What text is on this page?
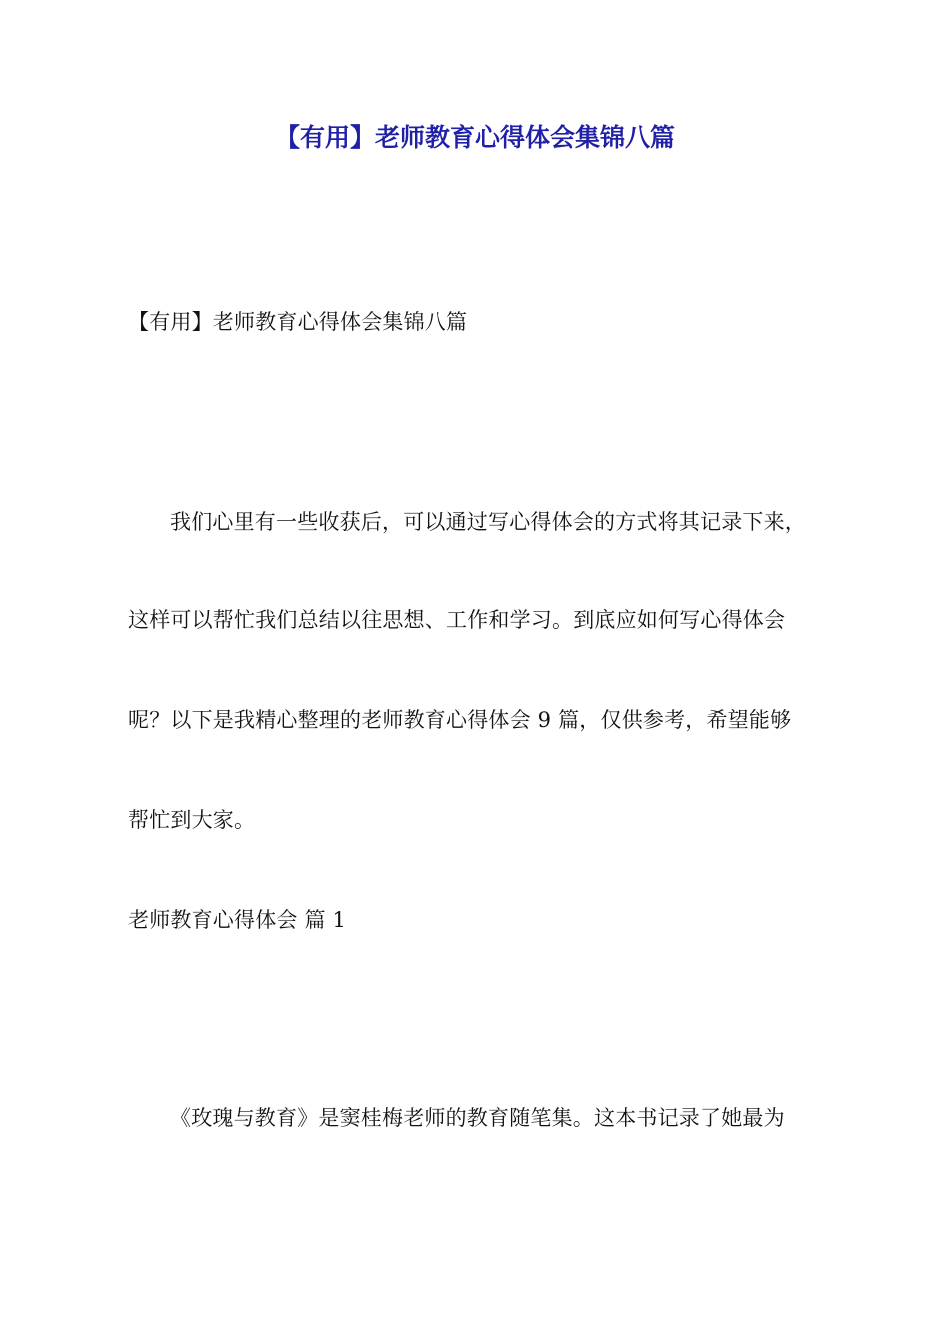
【有用】老师教育心得体会集锦八篇
【有用】老师教育心得体会集锦八篇
我们心里有一些收获后，可以通过写心得体会的方式将其记录下来，
这样可以帮忙我们总结以往思想、工作和学习。到底应如何写心得体会
呢？以下是我精心整理的老师教育心得体会 9 篇，仅供参考，希望能够
帮忙到大家。
老师教育心得体会 篇 1
《玫瑰与教育》是窦桂梅老师的教育随笔集。这本书记录了她最为
